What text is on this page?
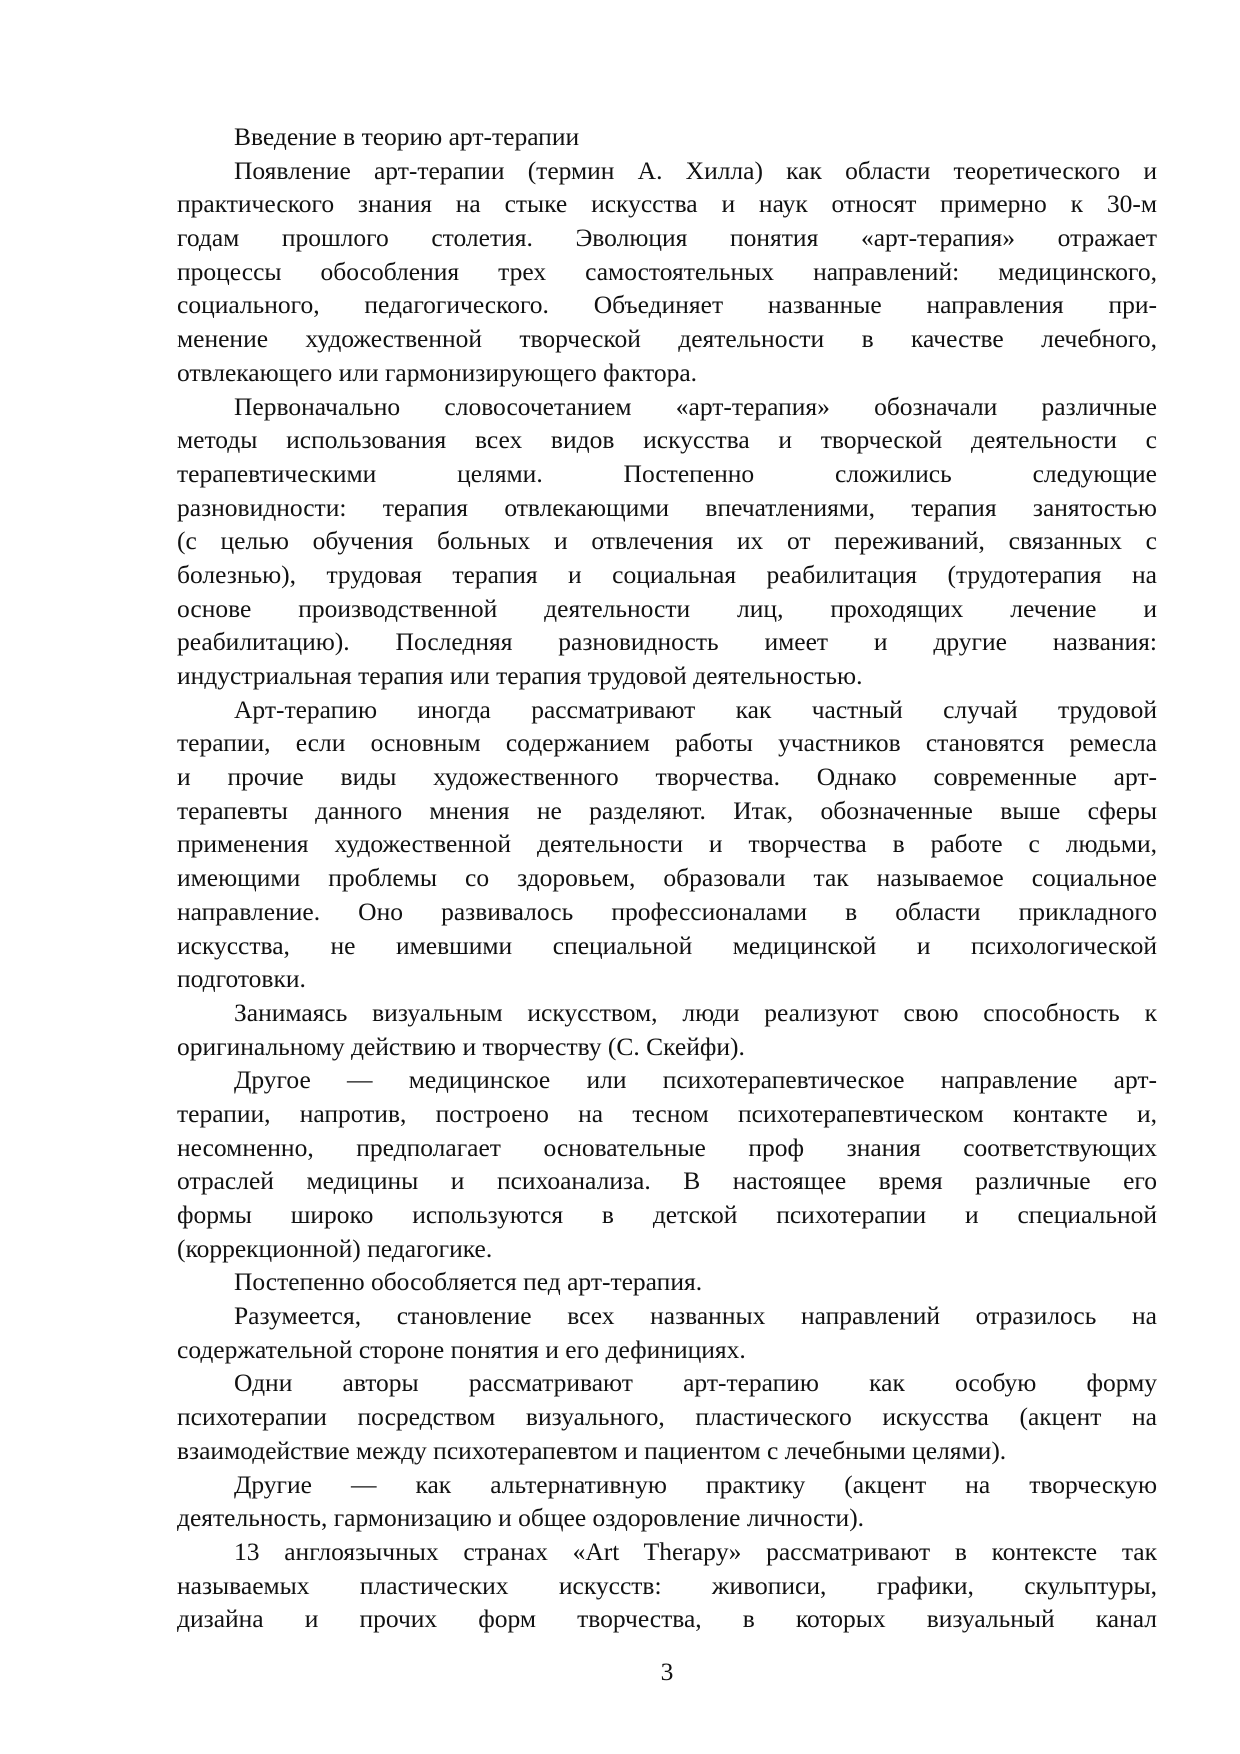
Введение в теорию арт-терапии
Появление арт-терапии (термин А. Хилла) как области теоретического и
практического знания на стыке искусства и наук относят примерно к 30-м
годам прошлого столетия. Эволюция понятия «арт-терапия» отражает
процессы обособления трех самостоятельных направлений: медицинского,
социального, педагогического. Объединяет названные направления при-
менение художественной творческой деятельности в качестве лечебного,
отвлекающего или гармонизирующего фактора.
Первоначально словосочетанием «арт-терапия» обозначали различные
методы использования всех видов искусства и творческой деятельности с
терапевтическими целями. Постепенно сложились следующие
разновидности: терапия отвлекающими впечатлениями, терапия занятостью
(с целью обучения больных и отвлечения их от переживаний, связанных с
болезнью), трудовая терапия и социальная реабилитация (трудотерапия на
основе производственной деятельности лиц, проходящих лечение и
реабилитацию). Последняя разновидность имеет и другие названия:
индустриальная терапия или терапия трудовой деятельностью.
Арт-терапию иногда рассматривают как частный случай трудовой
терапии, если основным содержанием работы участников становятся ремесла
и прочие виды художественного творчества. Однако современные арт-
терапевты данного мнения не разделяют. Итак, обозначенные выше сферы
применения художественной деятельности и творчества в работе с людьми,
имеющими проблемы со здоровьем, образовали так называемое социальное
направление. Оно развивалось профессионалами в области прикладного
искусства, не имевшими специальной медицинской и психологической
подготовки.
Занимаясь визуальным искусством, люди реализуют свою способность к
оригинальному действию и творчеству (С. Скейфи).
Другое — медицинское или психотерапевтическое направление арт-
терапии, напротив, построено на тесном психотерапевтическом контакте и,
несомненно, предполагает основательные проф знания соответствующих
отраслей медицины и психоанализа. В настоящее время различные его
формы широко используются в детской психотерапии и специальной
(коррекционной) педагогике.
Постепенно обособляется пед арт-терапия.
Разумеется, становление всех названных направлений отразилось на
содержательной стороне понятия и его дефинициях.
Одни авторы рассматривают арт-терапию как особую форму
психотерапии посредством визуального, пластического искусства (акцент на
взаимодействие между психотерапевтом и пациентом с лечебными целями).
Другие — как альтернативную практику (акцент на творческую
деятельность, гармонизацию и общее оздоровление личности).
13 англоязычных странах «Art Therapy» рассматривают в контексте так
называемых пластических искусств: живописи, графики, скульптуры,
дизайна и прочих форм творчества, в которых визуальный канал
3
